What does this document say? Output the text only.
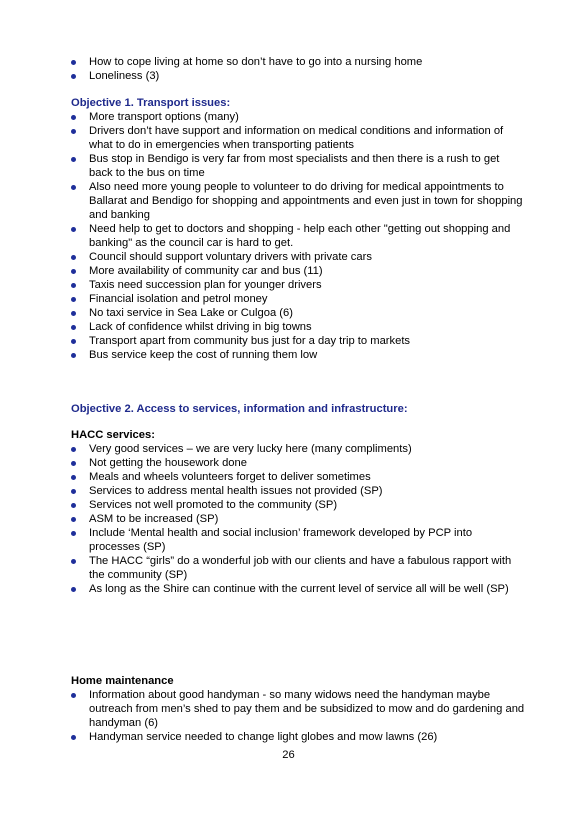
How to cope living at home so don’t have to go into a nursing home
Loneliness (3)
Objective 1. Transport issues:
More transport options (many)
Drivers don’t have support and information on medical conditions and information of what to do in emergencies when transporting patients
Bus stop in Bendigo is very far from most specialists and then there is a rush to get back to the bus on time
Also need more young people to volunteer to do driving for medical appointments to Ballarat and Bendigo for shopping and appointments and even just in town for shopping and banking
Need help to get to doctors and shopping - help each other "getting out shopping and banking" as the council car is hard to get.
Council should support voluntary drivers with private cars
More availability of community car and bus (11)
Taxis need succession plan for younger drivers
Financial isolation and petrol money
No taxi service in Sea Lake or Culgoa (6)
Lack of confidence whilst driving in big towns
Transport apart from community bus just for a day trip to markets
Bus service keep the cost of running them low
Objective 2. Access to services, information and infrastructure:
HACC services:
Very good services – we are very lucky here (many compliments)
Not getting the housework done
Meals and wheels volunteers forget to deliver sometimes
Services to address mental health issues not provided (SP)
Services not well promoted to the community (SP)
ASM to be increased (SP)
Include ‘Mental health and social inclusion’ framework developed by PCP into processes (SP)
The HACC “girls” do a wonderful job with our clients and have a fabulous rapport with the community (SP)
As long as the Shire can continue with the current level of service all will be well (SP)
Home maintenance
Information about good handyman - so many widows need the handyman maybe outreach from men’s shed to pay them and be subsidized to mow and do gardening and handyman (6)
Handyman service needed to change light globes and mow lawns (26)
26
